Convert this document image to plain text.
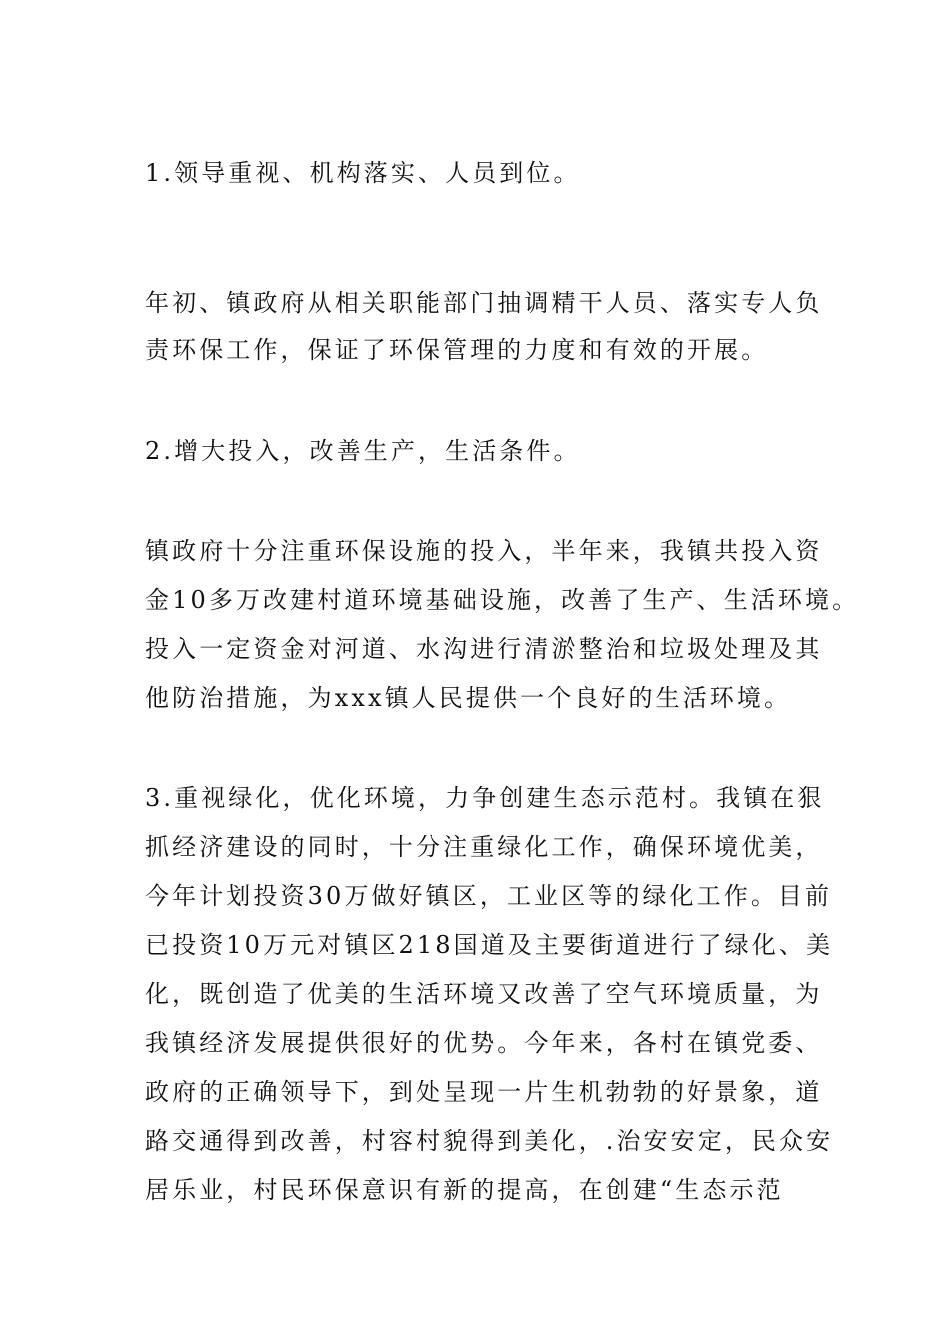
1.领导重视、机构落实、人员到位。
年初、镇政府从相关职能部门抽调精干人员、落实专人负
责环保工作，保证了环保管理的力度和有效的开展。
2.增大投入，改善生产，生活条件。
镇政府十分注重环保设施的投入，半年来，我镇共投入资
金10多万改建村道环境基础设施，改善了生产、生活环境。
投入一定资金对河道、水沟进行清淤整治和垃圾处理及其
他防治措施，为xxx镇人民提供一个良好的生活环境。
3.重视绿化，优化环境，力争创建生态示范村。我镇在狠
抓经济建设的同时，十分注重绿化工作，确保环境优美，
今年计划投资30万做好镇区，工业区等的绿化工作。目前
已投资10万元对镇区218国道及主要街道进行了绿化、美
化，既创造了优美的生活环境又改善了空气环境质量，为
我镇经济发展提供很好的优势。今年来，各村在镇党委、
政府的正确领导下，到处呈现一片生机勃勃的好景象，道
路交通得到改善，村容村貌得到美化，.治安安定，民众安
居乐业，村民环保意识有新的提高，在创建“生态示范
